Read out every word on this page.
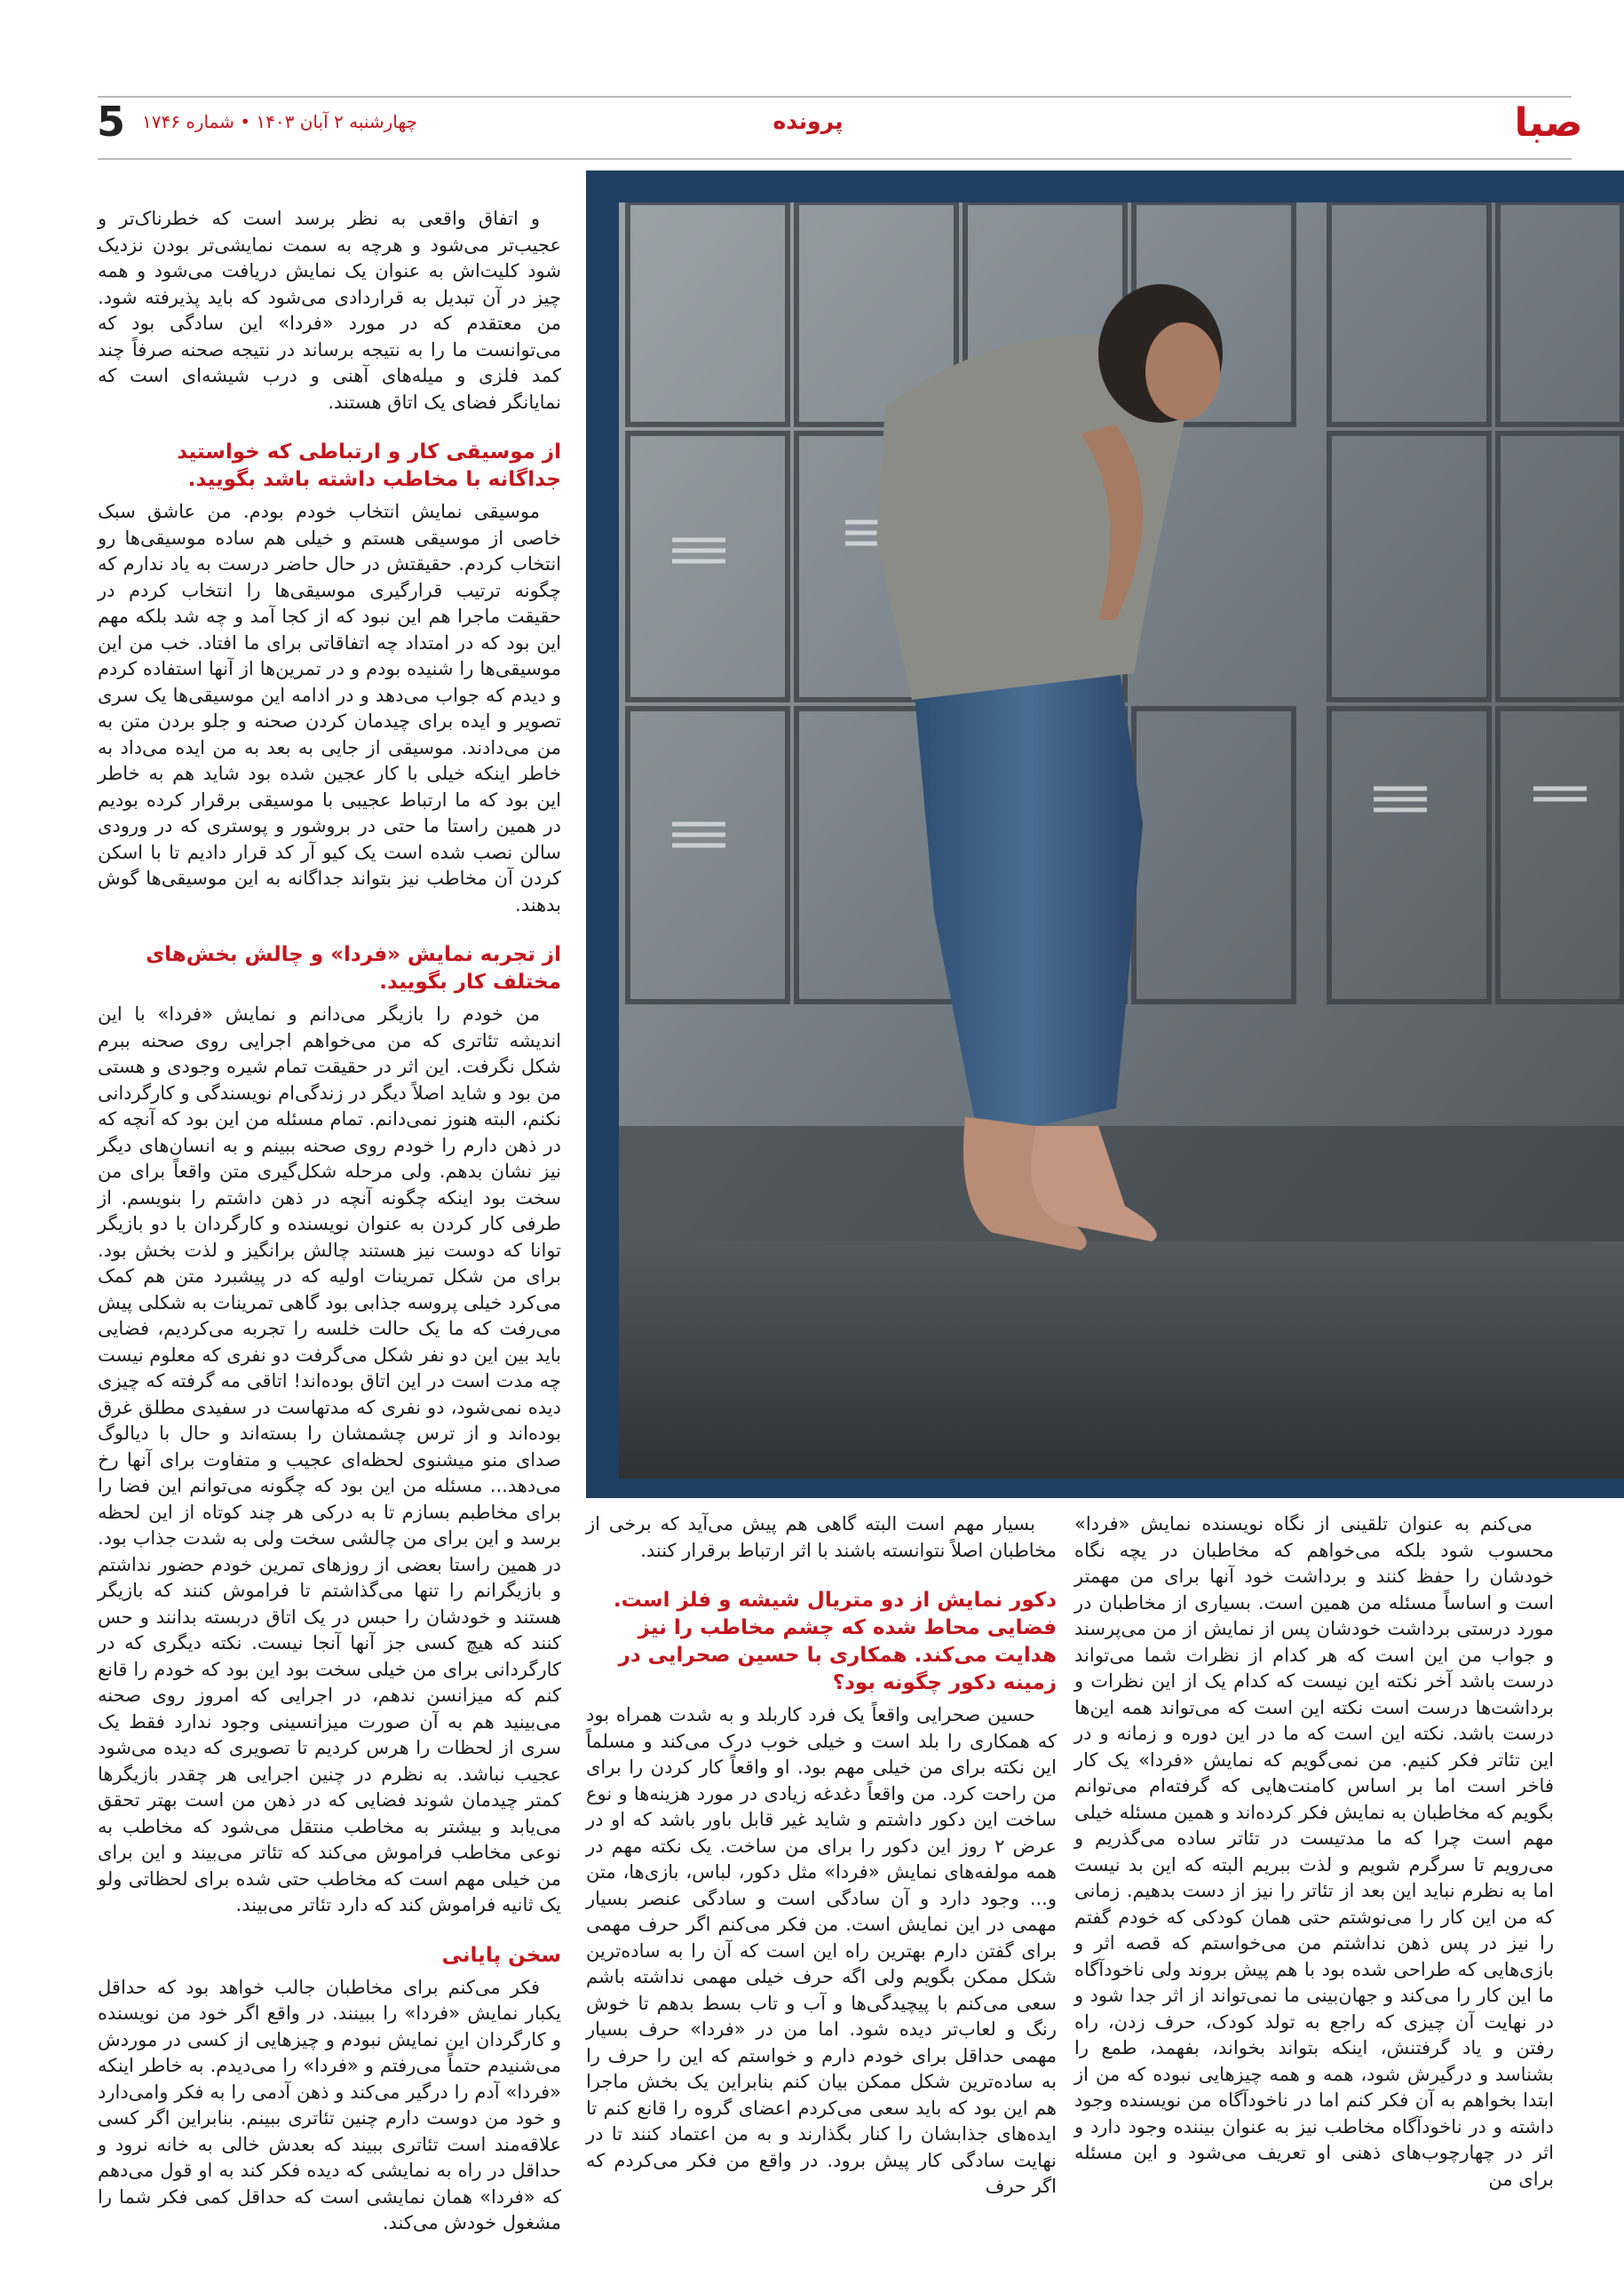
صبا
پرونده
چهارشنبه ۲ آبان ۱۴۰۳ • شماره ۱۷۴۶
5

و اتفاق واقعی به نظر برسد است که خطرناک‌تر و عجیب‌تر می‌شود و هرچه به سمت نمایشی‌تر بودن نزدیک شود کلیت‌اش به عنوان یک نمایش دریافت می‌شود و همه چیز در آن تبدیل به قراردادی می‌شود که باید پذیرفته شود. من معتقدم که در مورد «فردا» این سادگی بود که می‌توانست ما را به نتیجه برساند در نتیجه صحنه صرفاً چند کمد فلزی و میله‌های آهنی و درب شیشه‌ای است که نمایانگر فضای یک اتاق هستند.

از موسیقی کار و ارتباطی که خواستید جداگانه با مخاطب داشته باشد بگویید.

موسیقی نمایش انتخاب خودم بودم. من عاشق سبک خاصی از موسیقی هستم و خیلی هم ساده موسیقی‌ها رو انتخاب کردم. حقیقتش در حال حاضر درست به یاد ندارم که چگونه ترتیب قرارگیری موسیقی‌ها را انتخاب کردم در حقیقت ماجرا هم این نبود که از کجا آمد و چه شد بلکه مهم این بود که در امتداد چه اتفاقاتی برای ما افتاد. خب من این موسیقی‌ها را شنیده بودم و در تمرین‌ها از آنها استفاده کردم و دیدم که جواب می‌دهد و در ادامه این موسیقی‌ها یک سری تصویر و ایده برای چیدمان کردن صحنه و جلو بردن متن به من می‌دادند. موسیقی از جایی به بعد به من ایده می‌داد به خاطر اینکه خیلی با کار عجین شده بود شاید هم به خاطر این بود که ما ارتباط عجیبی با موسیقی برقرار کرده بودیم در همین راستا ما حتی در بروشور و پوستری که در ورودی سالن نصب شده است یک کیو آر کد قرار دادیم تا با اسکن کردن آن مخاطب نیز بتواند جداگانه به این موسیقی‌ها گوش بدهند.

از تجربه نمایش «فردا» و چالش بخش‌های مختلف کار بگویید.

من خودم را بازیگر می‌دانم و نمایش «فردا» با این اندیشه تئاتری که من می‌خواهم اجرایی روی صحنه ببرم شکل نگرفت. این اثر در حقیقت تمام شیره وجودی و هستی من بود و شاید اصلاً دیگر در زندگی‌ام نویسندگی و کارگردانی نکنم، البته هنوز نمی‌دانم. تمام مسئله من این بود که آنچه که در ذهن دارم را خودم روی صحنه ببینم و به انسان‌های دیگر نیز نشان بدهم. ولی مرحله شکل‌گیری متن واقعاً برای من سخت بود اینکه چگونه آنچه در ذهن داشتم را بنویسم. از طرفی کار کردن به عنوان نویسنده و کارگردان با دو بازیگر توانا که دوست نیز هستند چالش برانگیز و لذت بخش بود. برای من شکل تمرینات اولیه که در پیشبرد متن هم کمک می‌کرد خیلی پروسه جذابی بود گاهی تمرینات به شکلی پیش می‌رفت که ما یک حالت خلسه را تجربه می‌کردیم، فضایی باید بین این دو نفر شکل می‌گرفت دو نفری که معلوم نیست چه مدت است در این اتاق بوده‌اند! اتاقی مه گرفته که چیزی دیده نمی‌شود، دو نفری که مدتهاست در سفیدی مطلق غرق بوده‌اند و از ترس چشمشان را بسته‌اند و حال با دیالوگ صدای منو میشنوی لحظه‌ای عجیب و متفاوت برای آنها رخ می‌دهد... مسئله من این بود که چگونه می‌توانم این فضا را برای مخاطبم بسازم تا به درکی هر چند کوتاه از این لحظه برسد و این برای من چالشی سخت ولی به شدت جذاب بود. در همین راستا بعضی از روزهای تمرین خودم حضور نداشتم و بازیگرانم را تنها می‌گذاشتم تا فراموش کنند که بازیگر هستند و خودشان را حبس در یک اتاق دربسته بدانند و حس کنند که هیچ کسی جز آنها آنجا نیست. نکته دیگری که در کارگردانی برای من خیلی سخت بود این بود که خودم را قانع کنم که میزانسن ندهم، در اجرایی که امروز روی صحنه می‌بینید هم به آن صورت میزانسینی وجود ندارد فقط یک سری از لحظات را هرس کردیم تا تصویری که دیده می‌شود عجیب نباشد. به نظرم در چنین اجرایی هر چقدر بازیگرها کمتر چیدمان شوند فضایی که در ذهن من است بهتر تحقق می‌یابد و بیشتر به مخاطب منتقل می‌شود که مخاطب به نوعی مخاطب فراموش می‌کند که تئاتر می‌بیند و این برای من خیلی مهم است که مخاطب حتی شده برای لحظاتی ولو یک ثانیه فراموش کند که دارد تئاتر می‌بیند.

سخن پایانی

فکر می‌کنم برای مخاطبان جالب خواهد بود که حداقل یکبار نمایش «فردا» را ببینند. در واقع اگر خود من نویسنده و کارگردان این نمایش نبودم و چیزهایی از کسی در موردش می‌شنیدم حتماً می‌رفتم و «فردا» را می‌دیدم. به خاطر اینکه «فردا» آدم را درگیر می‌کند و ذهن آدمی را به فکر وامی‌دارد و خود من دوست دارم چنین تئاتری ببینم. بنابراین اگر کسی علاقه‌مند است تئاتری ببیند که بعدش خالی به خانه نرود و حداقل در راه به نمایشی که دیده فکر کند به او قول می‌دهم که «فردا» همان نمایشی است که حداقل کمی فکر شما را مشغول خودش می‌کند.

بسیار مهم است البته گاهی هم پیش می‌آید که برخی از مخاطبان اصلاً نتوانسته باشند با اثر ارتباط برقرار کنند.

دکور نمایش از دو متریال شیشه و فلز است. فضایی محاط شده که چشم مخاطب را نیز هدایت می‌کند. همکاری با حسین صحرایی در زمینه دکور چگونه بود؟

حسین صحرایی واقعاً یک فرد کاربلد و به شدت همراه بود که همکاری را بلد است و خیلی خوب درک می‌کند و مسلماً این نکته برای من خیلی مهم بود. او واقعاً کار کردن را برای من راحت کرد. من واقعاً دغدغه زیادی در مورد هزینه‌ها و نوع ساخت این دکور داشتم و شاید غیر قابل باور باشد که او در عرض ۲ روز این دکور را برای من ساخت. یک نکته مهم در همه مولفه‌های نمایش «فردا» مثل دکور، لباس، بازی‌ها، متن و... وجود دارد و آن سادگی است و سادگی عنصر بسیار مهمی در این نمایش است. من فکر می‌کنم اگر حرف مهمی برای گفتن دارم بهترین راه این است که آن را به ساده‌ترین شکل ممکن بگویم ولی اگه حرف خیلی مهمی نداشته باشم سعی می‌کنم با پیچیدگی‌ها و آب و تاب بسط بدهم تا خوش رنگ و لعاب‌تر دیده شود. اما من در «فردا» حرف بسیار مهمی حداقل برای خودم دارم و خواستم که این را حرف را به ساده‌ترین شکل ممکن بیان کنم بنابراین یک بخش ماجرا هم این بود که باید سعی می‌کردم اعضای گروه را قانع کنم تا ایده‌های جذابشان را کنار بگذارند و به من اعتماد کنند تا در نهایت سادگی کار پیش برود. در واقع من فکر می‌کردم که اگر حرف

می‌کنم به عنوان تلقینی از نگاه نویسنده نمایش «فردا» محسوب شود بلکه می‌خواهم که مخاطبان در یچه نگاه خودشان را حفظ کنند و برداشت خود آنها برای من مهمتر است و اساساً مسئله من همین است. بسیاری از مخاطبان در مورد درستی برداشت خودشان پس از نمایش از من می‌پرسند و جواب من این است که هر کدام از نظرات شما می‌تواند درست باشد آخر نکته این نیست که کدام یک از این نظرات و برداشت‌ها درست است نکته این است که می‌تواند همه این‌ها درست باشد. نکته این است که ما در این دوره و زمانه و در این تئاتر فکر کنیم. من نمی‌گویم که نمایش «فردا» یک کار فاخر است اما بر اساس کامنت‌هایی که گرفته‌ام می‌توانم بگویم که مخاطبان به نمایش فکر کرده‌اند و همین مسئله خیلی مهم است چرا که ما مدتیست در تئاتر ساده می‌گذریم و می‌رویم تا سرگرم شویم و لذت ببریم البته که این بد نیست اما به نظرم نباید این بعد از تئاتر را نیز از دست بدهیم. زمانی که من این کار را می‌نوشتم حتی همان کودکی که خودم گفتم را نیز در پس ذهن نداشتم من می‌خواستم که قصه اثر و بازی‌هایی که طراحی شده بود با هم پیش بروند ولی ناخودآگاه ما این کار را می‌کند و جهان‌بینی ما نمی‌تواند از اثر جدا شود و در نهایت آن چیزی که راجع به تولد کودک، حرف زدن، راه رفتن و یاد گرفتنش، اینکه بتواند بخواند، بفهمد، طمع را بشناسد و درگیرش شود، همه و همه چیزهایی نبوده که من از ابتدا بخواهم به آن فکر کنم اما در ناخودآگاه من نویسنده وجود داشته و در ناخودآگاه مخاطب نیز به عنوان بیننده وجود دارد و اثر در چهارچوب‌های ذهنی او تعریف می‌شود و این مسئله برای من
